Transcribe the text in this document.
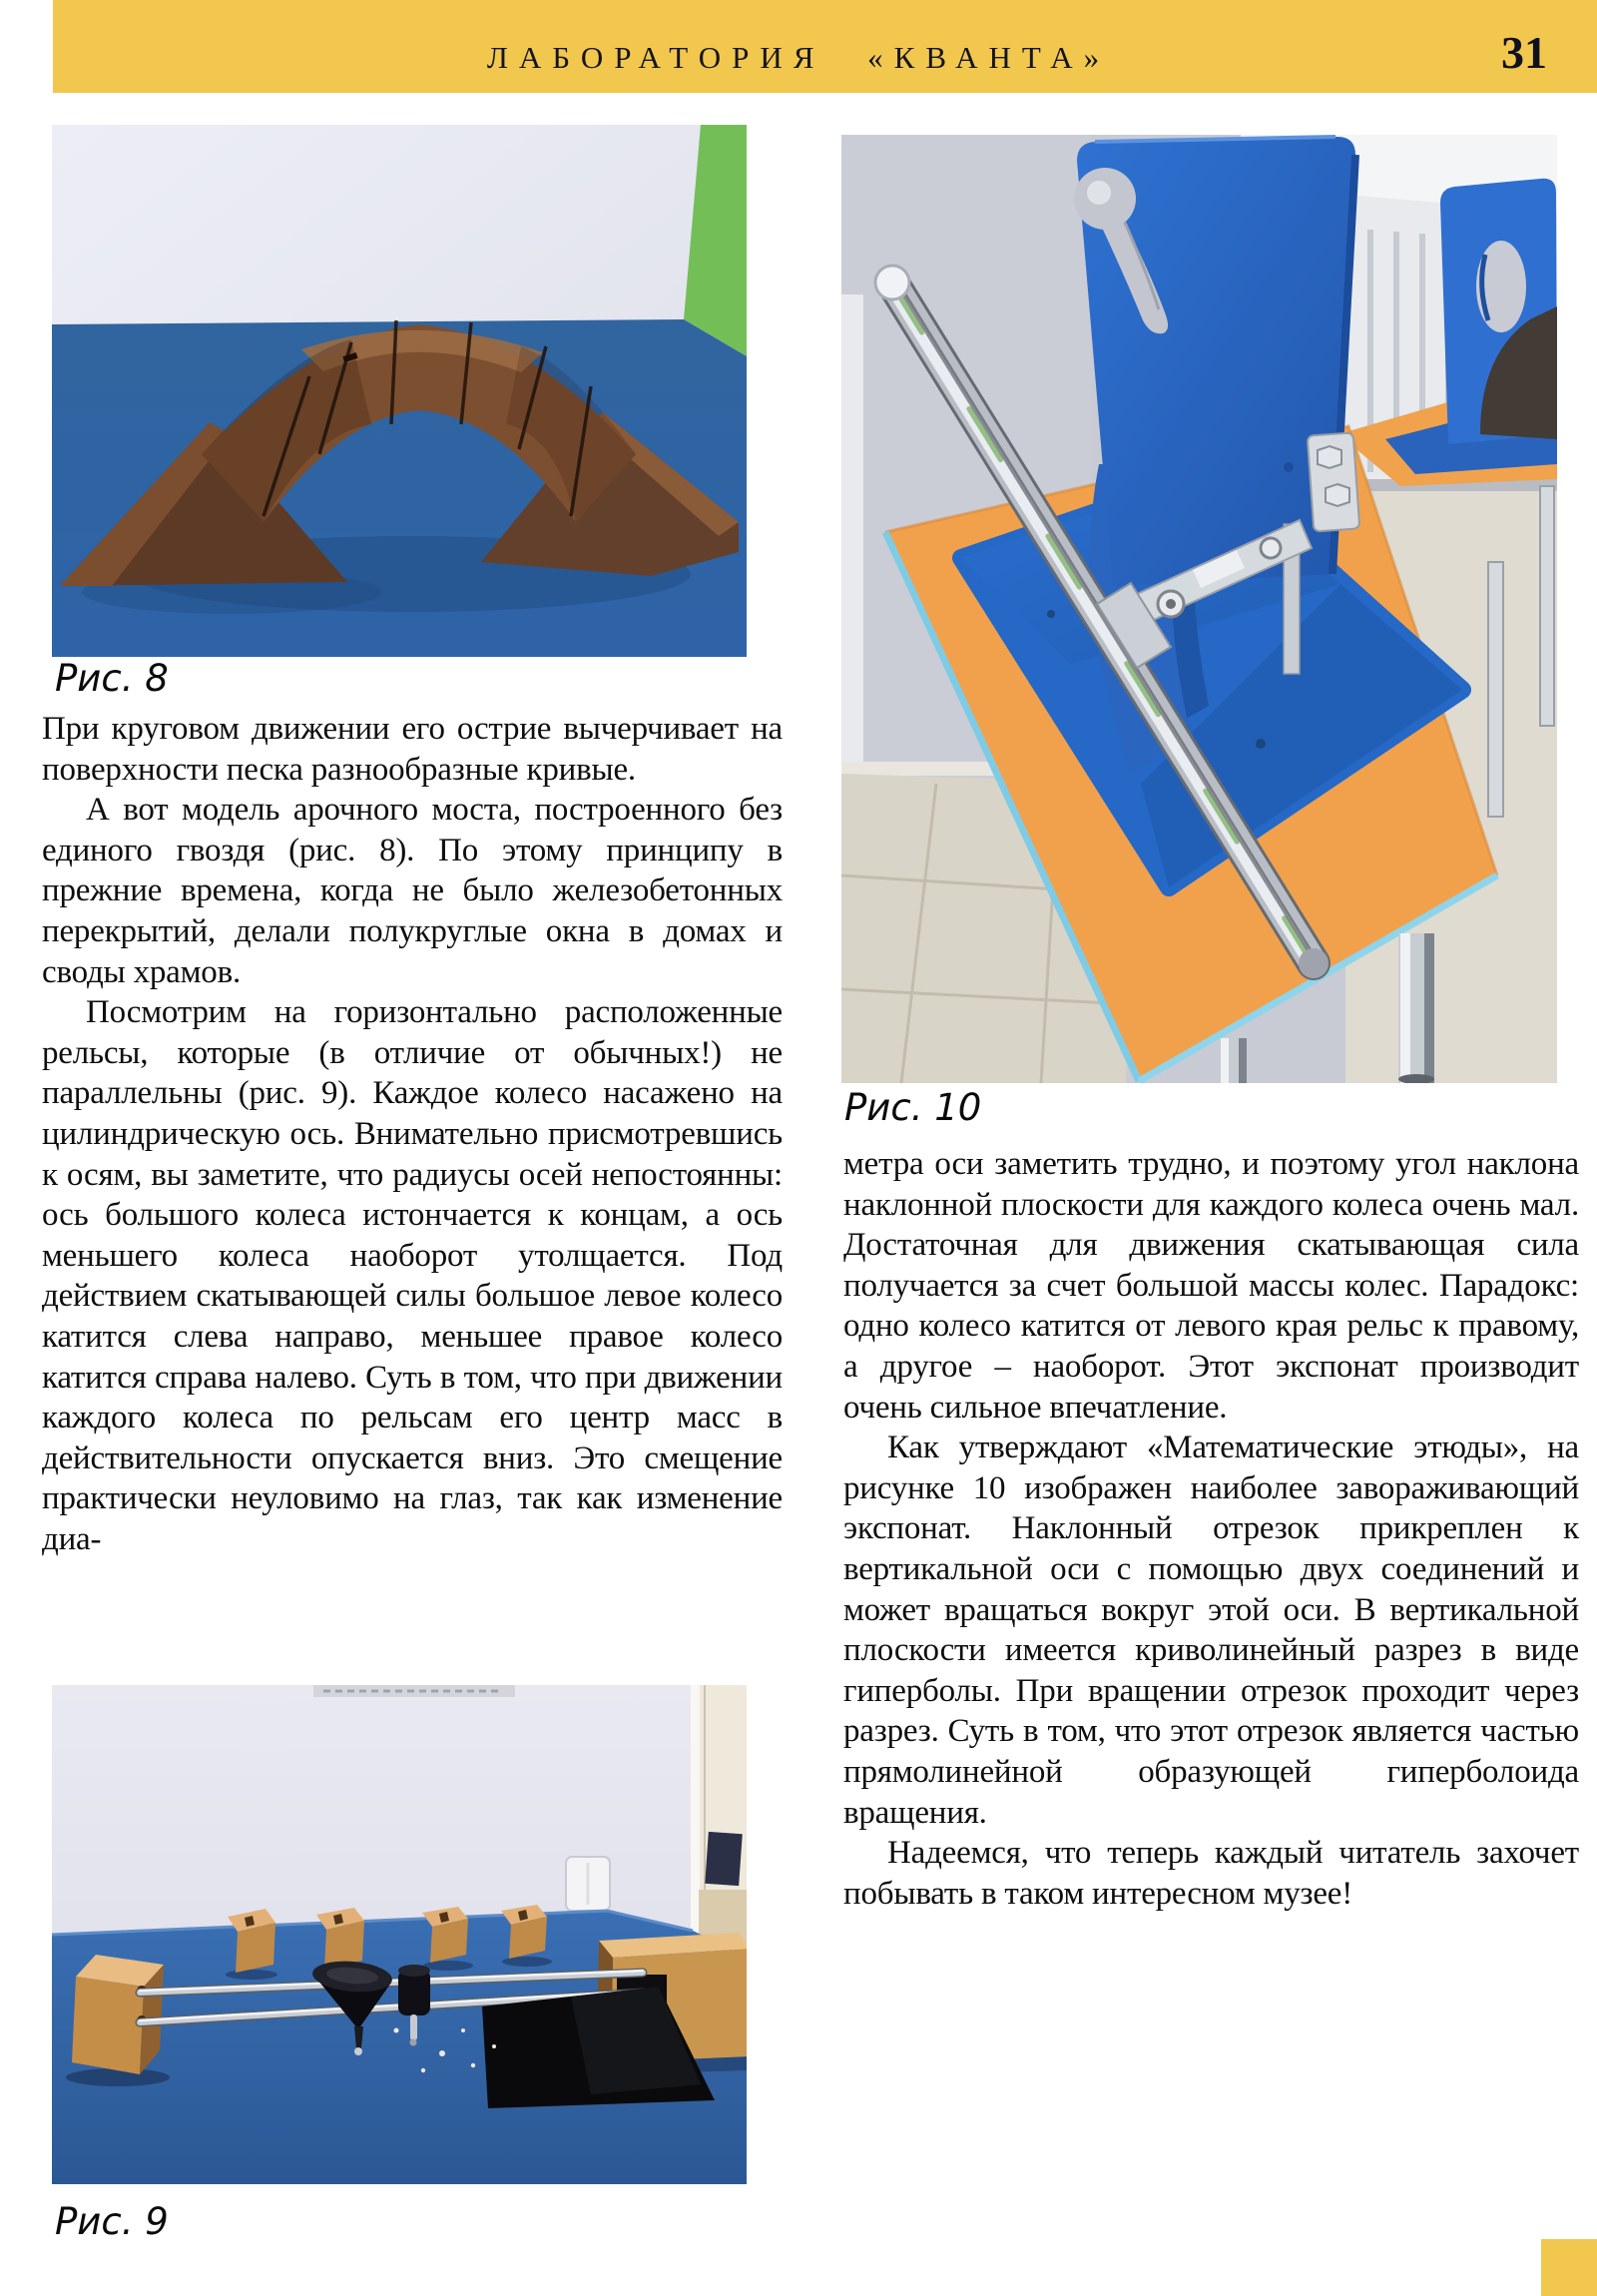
ЛАБОРАТОРИЯ «КВАНТА»	31
Рис. 8

При круговом движении его острие вычерчивает на поверхности песка разнообразные кривые.

А вот модель арочного моста, построенного без единого гвоздя (рис. 8). По этому принципу в прежние времена, когда не было железобетонных перекрытий, делали полукруглые окна в домах и своды храмов.

Посмотрим на горизонтально расположенные рельсы, которые (в отличие от обычных!) не параллельны (рис. 9). Каждое колесо насажено на цилиндрическую ось. Внимательно присмотревшись к осям, вы заметите, что радиусы осей непостоянны: ось большого колеса истончается к концам, а ось меньшего колеса наоборот утолщается. Под действием скатывающей силы большое левое колесо катится слева направо, меньшее правое колесо катится справа налево. Суть в том, что при движении каждого колеса по рельсам его центр масс в действительности опускается вниз. Это смещение практически неуловимо на глаз, так как изменение диа-

Рис. 9
Рис. 10

метра оси заметить трудно, и поэтому угол наклона наклонной плоскости для каждого колеса очень мал. Достаточная для движения скатывающая сила получается за счет большой массы колес. Парадокс: одно колесо катится от левого края рельс к правому, а другое – наоборот. Этот экспонат производит очень сильное впечатление.

Как утверждают «Математические этюды», на рисунке 10 изображен наиболее завораживающий экспонат. Наклонный отрезок прикреплен к вертикальной оси с помощью двух соединений и может вращаться вокруг этой оси. В вертикальной плоскости имеется криволинейный разрез в виде гиперболы. При вращении отрезок проходит через разрез. Суть в том, что этот отрезок является частью прямолинейной образующей гиперболоида вращения.

Надеемся, что теперь каждый читатель захочет побывать в таком интересном музее!
